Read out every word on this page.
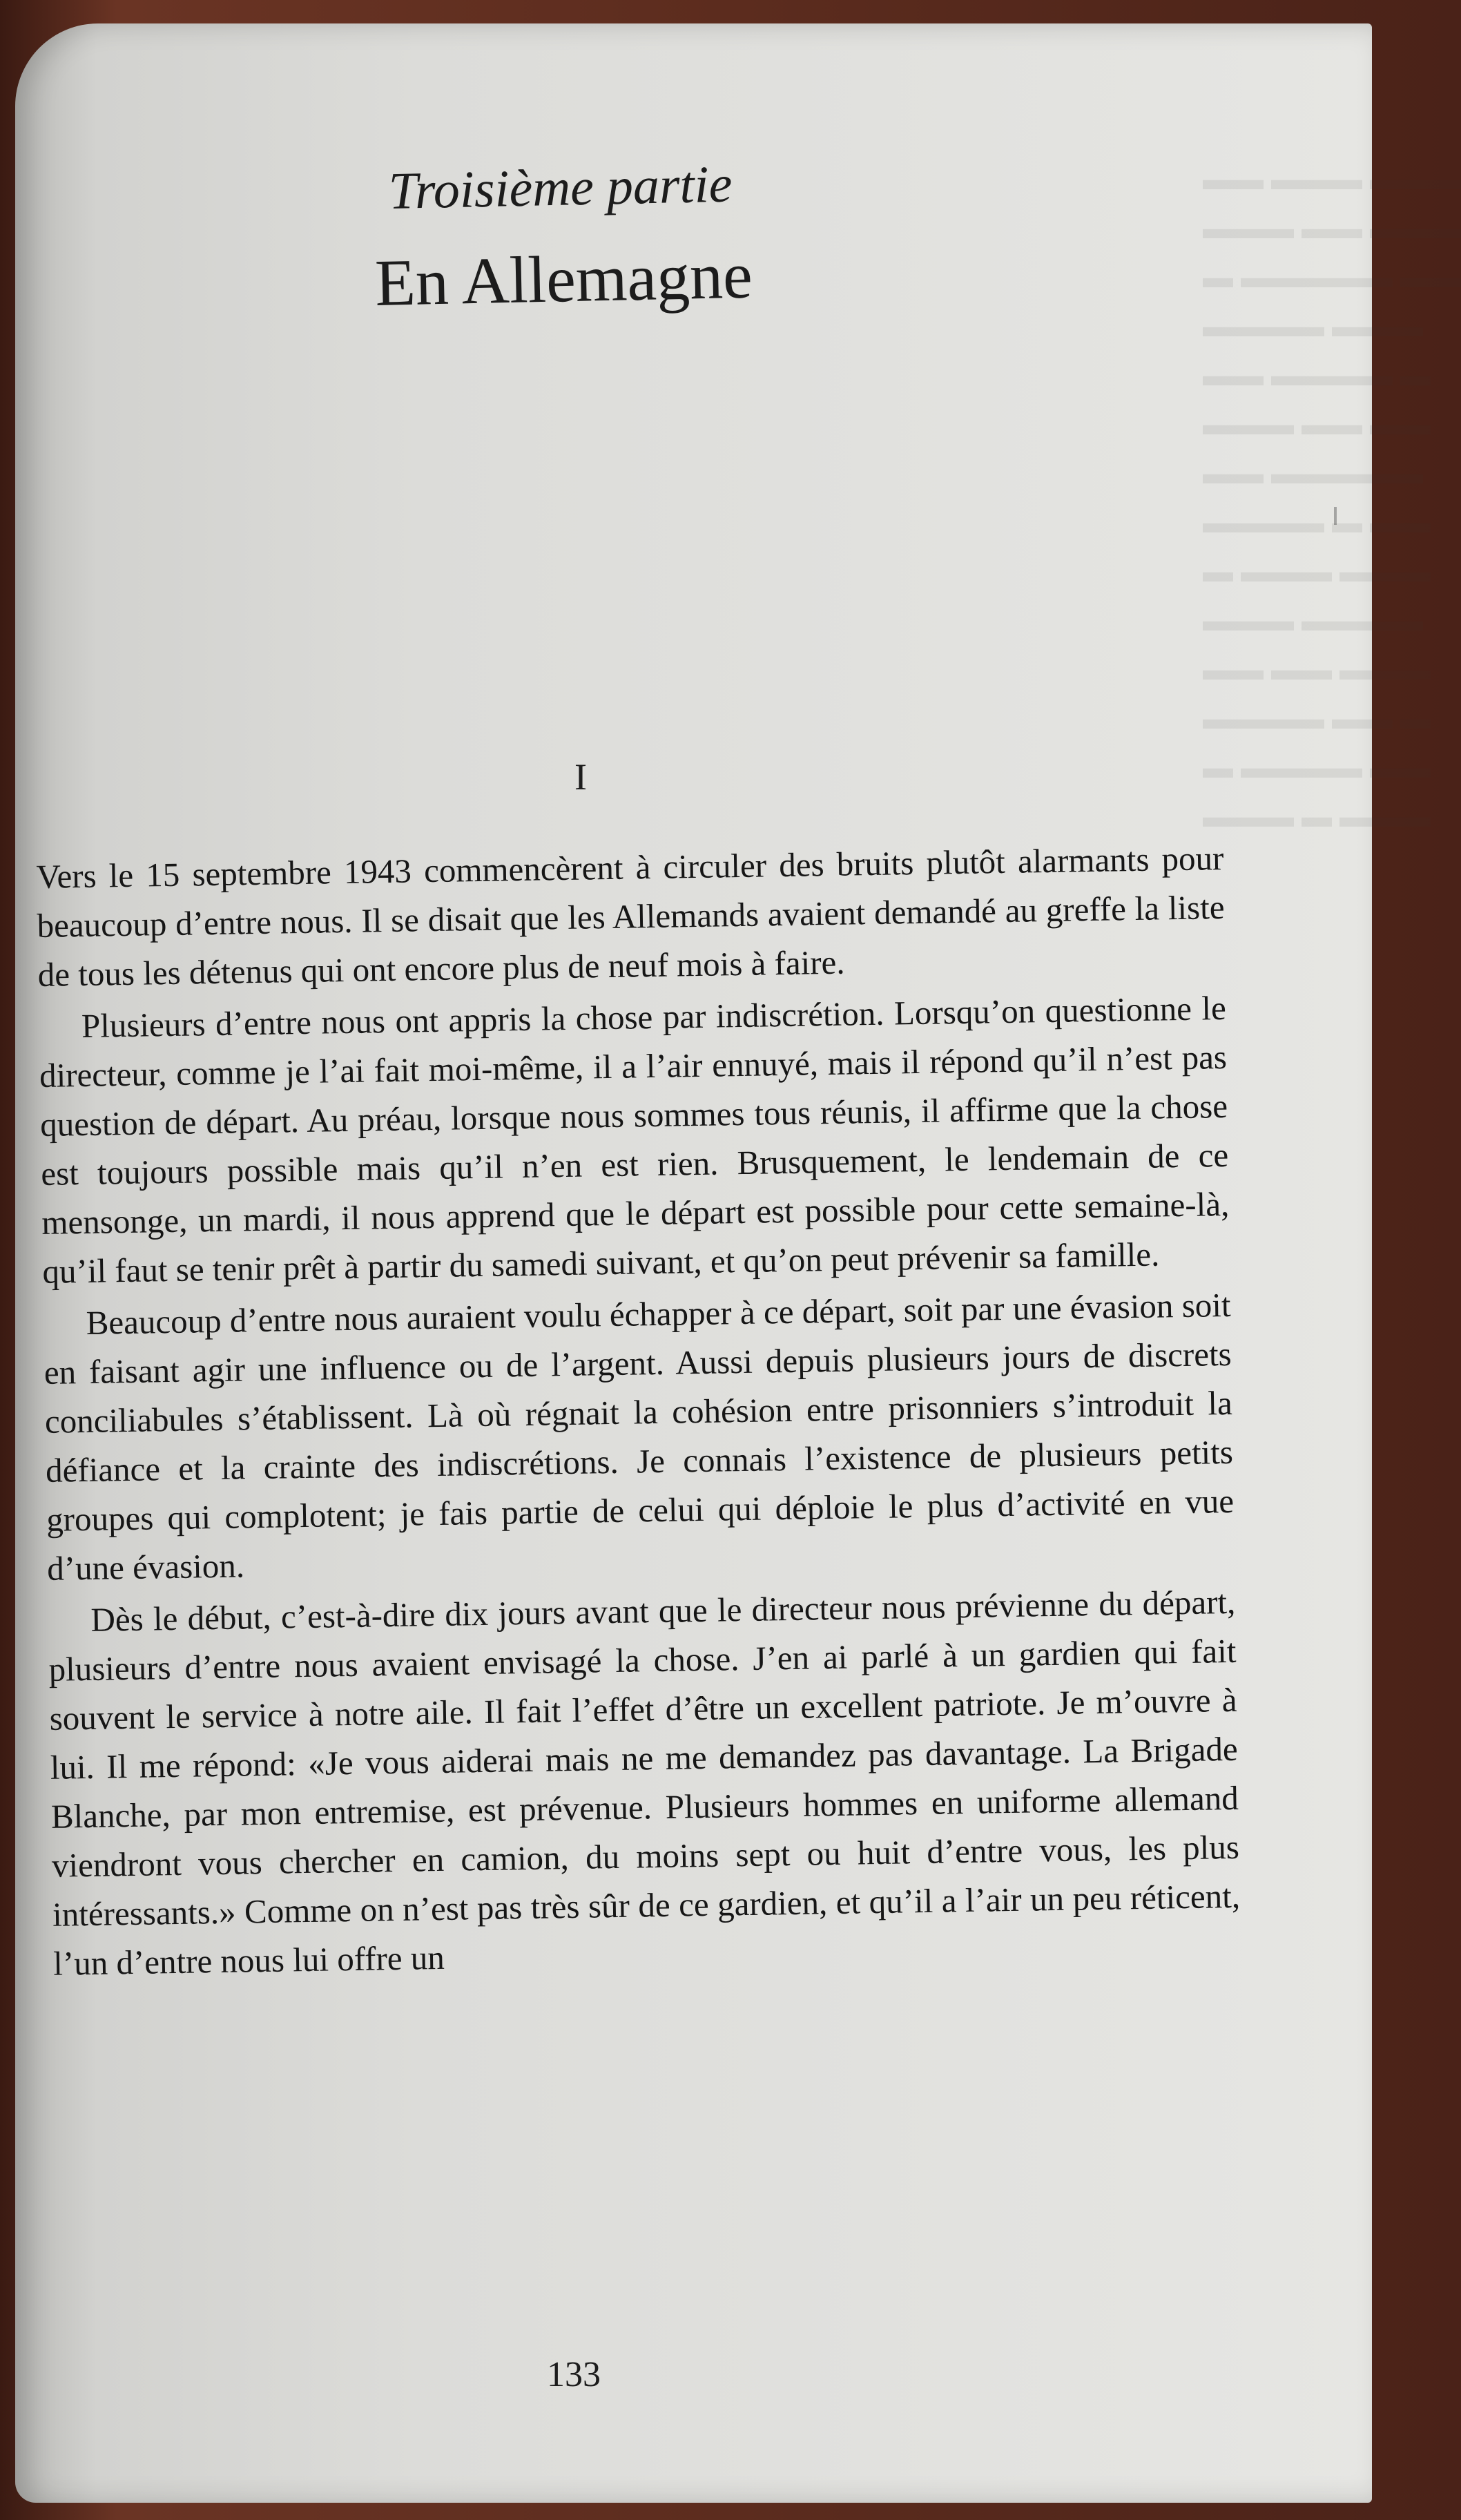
▬▬ ▬▬▬ ▬▬▬
▬▬▬ ▬▬ ▬▬▬
▬ ▬▬▬▬▬ ▬▬
▬▬▬▬ ▬▬▬
▬▬ ▬▬▬▬ ▬
▬▬▬ ▬▬ ▬▬
▬▬ ▬▬▬▬▬
▬▬▬▬ ▬ ▬▬
▬ ▬▬▬ ▬▬▬
▬▬▬ ▬▬▬▬
▬▬ ▬▬ ▬▬▬
▬▬▬▬ ▬▬ ▬
▬ ▬▬▬▬ ▬▬
▬▬▬ ▬ ▬▬▬
Troisième partie
En Allemagne
I

Vers le 15 septembre 1943 commencèrent à circuler des bruits plutôt alarmants pour beaucoup d’entre nous. Il se disait que les Allemands avaient demandé au greffe la liste de tous les détenus qui ont encore plus de neuf mois à faire.

Plusieurs d’entre nous ont appris la chose par indiscrétion. Lorsqu’on questionne le directeur, comme je l’ai fait moi-même, il a l’air ennuyé, mais il répond qu’il n’est pas question de départ. Au préau, lorsque nous sommes tous réunis, il affirme que la chose est toujours possible mais qu’il n’en est rien. Brusquement, le lendemain de ce mensonge, un mardi, il nous apprend que le départ est possible pour cette semaine-là, qu’il faut se tenir prêt à partir du samedi suivant, et qu’on peut prévenir sa famille.

Beaucoup d’entre nous auraient voulu échapper à ce départ, soit par une évasion soit en faisant agir une influence ou de l’argent. Aussi depuis plusieurs jours de discrets conciliabules s’établissent. Là où régnait la cohésion entre prisonniers s’introduit la défiance et la crainte des indiscrétions. Je connais l’existence de plusieurs petits groupes qui complotent; je fais partie de celui qui déploie le plus d’activité en vue d’une évasion.

Dès le début, c’est-à-dire dix jours avant que le directeur nous prévienne du départ, plusieurs d’entre nous avaient envisagé la chose. J’en ai parlé à un gardien qui fait souvent le service à notre aile. Il fait l’effet d’être un excellent patriote. Je m’ouvre à lui. Il me répond: «Je vous aiderai mais ne me demandez pas davantage. La Brigade Blanche, par mon entremise, est prévenue. Plusieurs hommes en uniforme allemand viendront vous chercher en camion, du moins sept ou huit d’entre vous, les plus intéressants.» Comme on n’est pas très sûr de ce gardien, et qu’il a l’air un peu réticent, l’un d’entre nous lui offre un

133
